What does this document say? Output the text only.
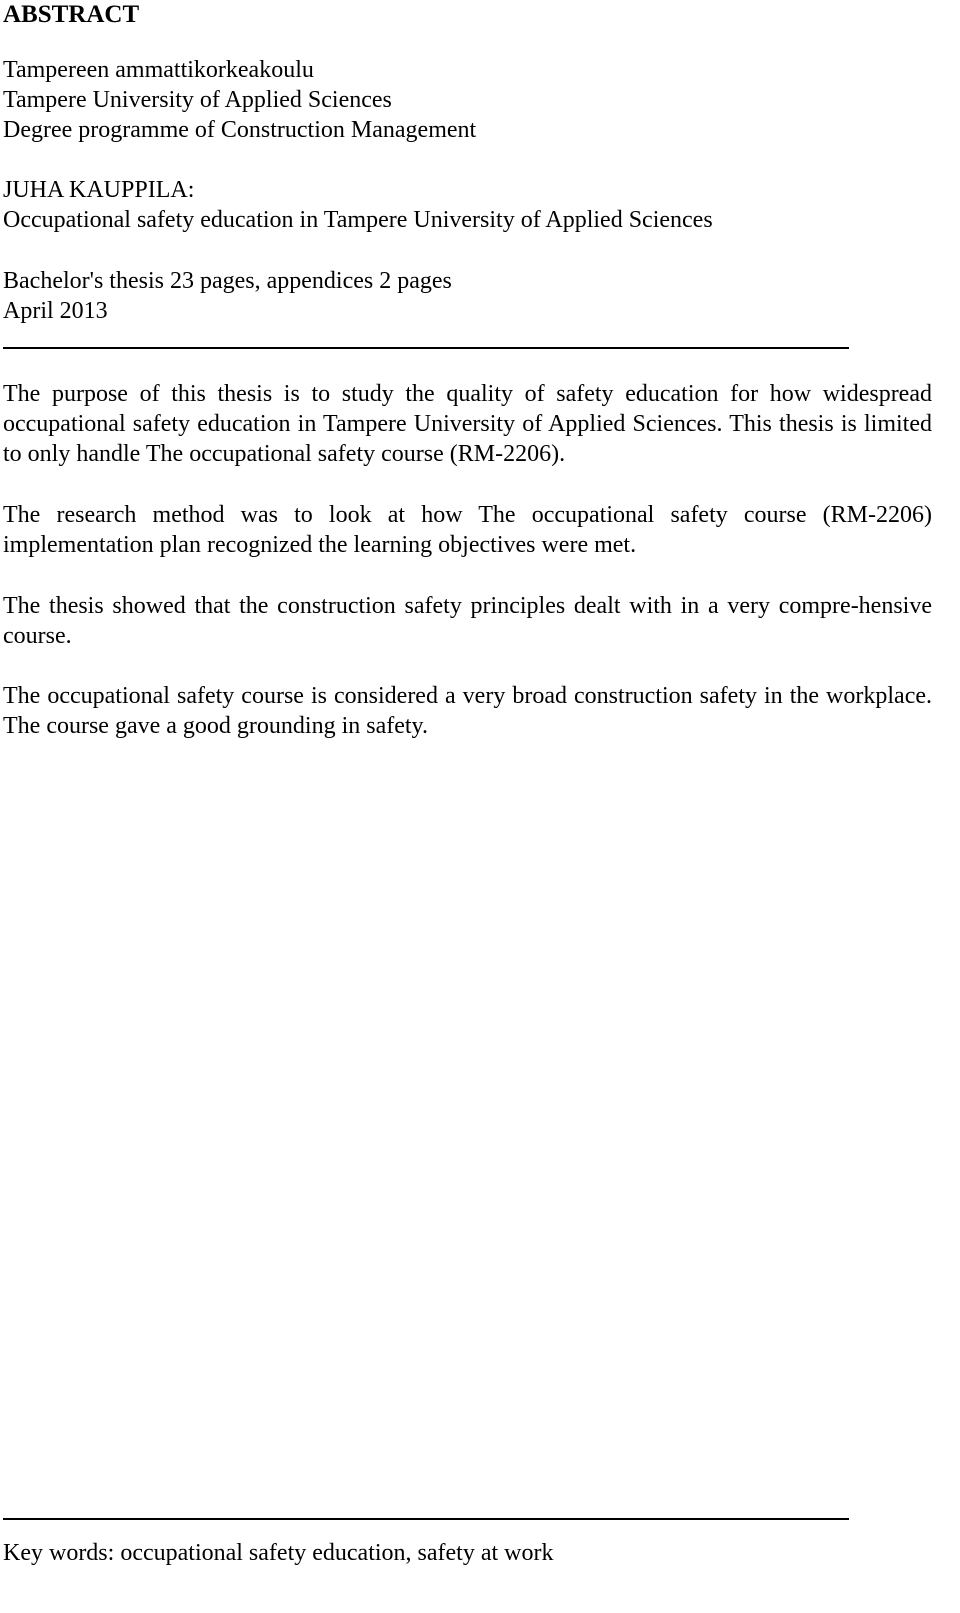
ABSTRACT
Tampereen ammattikorkeakoulu
Tampere University of Applied Sciences
Degree programme of Construction Management
JUHA KAUPPILA:
Occupational safety education in Tampere University of Applied Sciences
Bachelor's thesis 23 pages, appendices 2 pages
April 2013

The purpose of this thesis is to study the quality of safety education for how widespread occupational safety education in Tampere University of Applied Sciences. This thesis is limited to only handle The occupational safety course (RM-2206).

The research method was to look at how The occupational safety course (RM-2206) implementation plan recognized the learning objectives were met.

The thesis showed that the construction safety principles dealt with in a very compre-hensive course.

The occupational safety course is considered a very broad construction safety in the workplace. The course gave a good grounding in safety.

Key words: occupational safety education, safety at work
